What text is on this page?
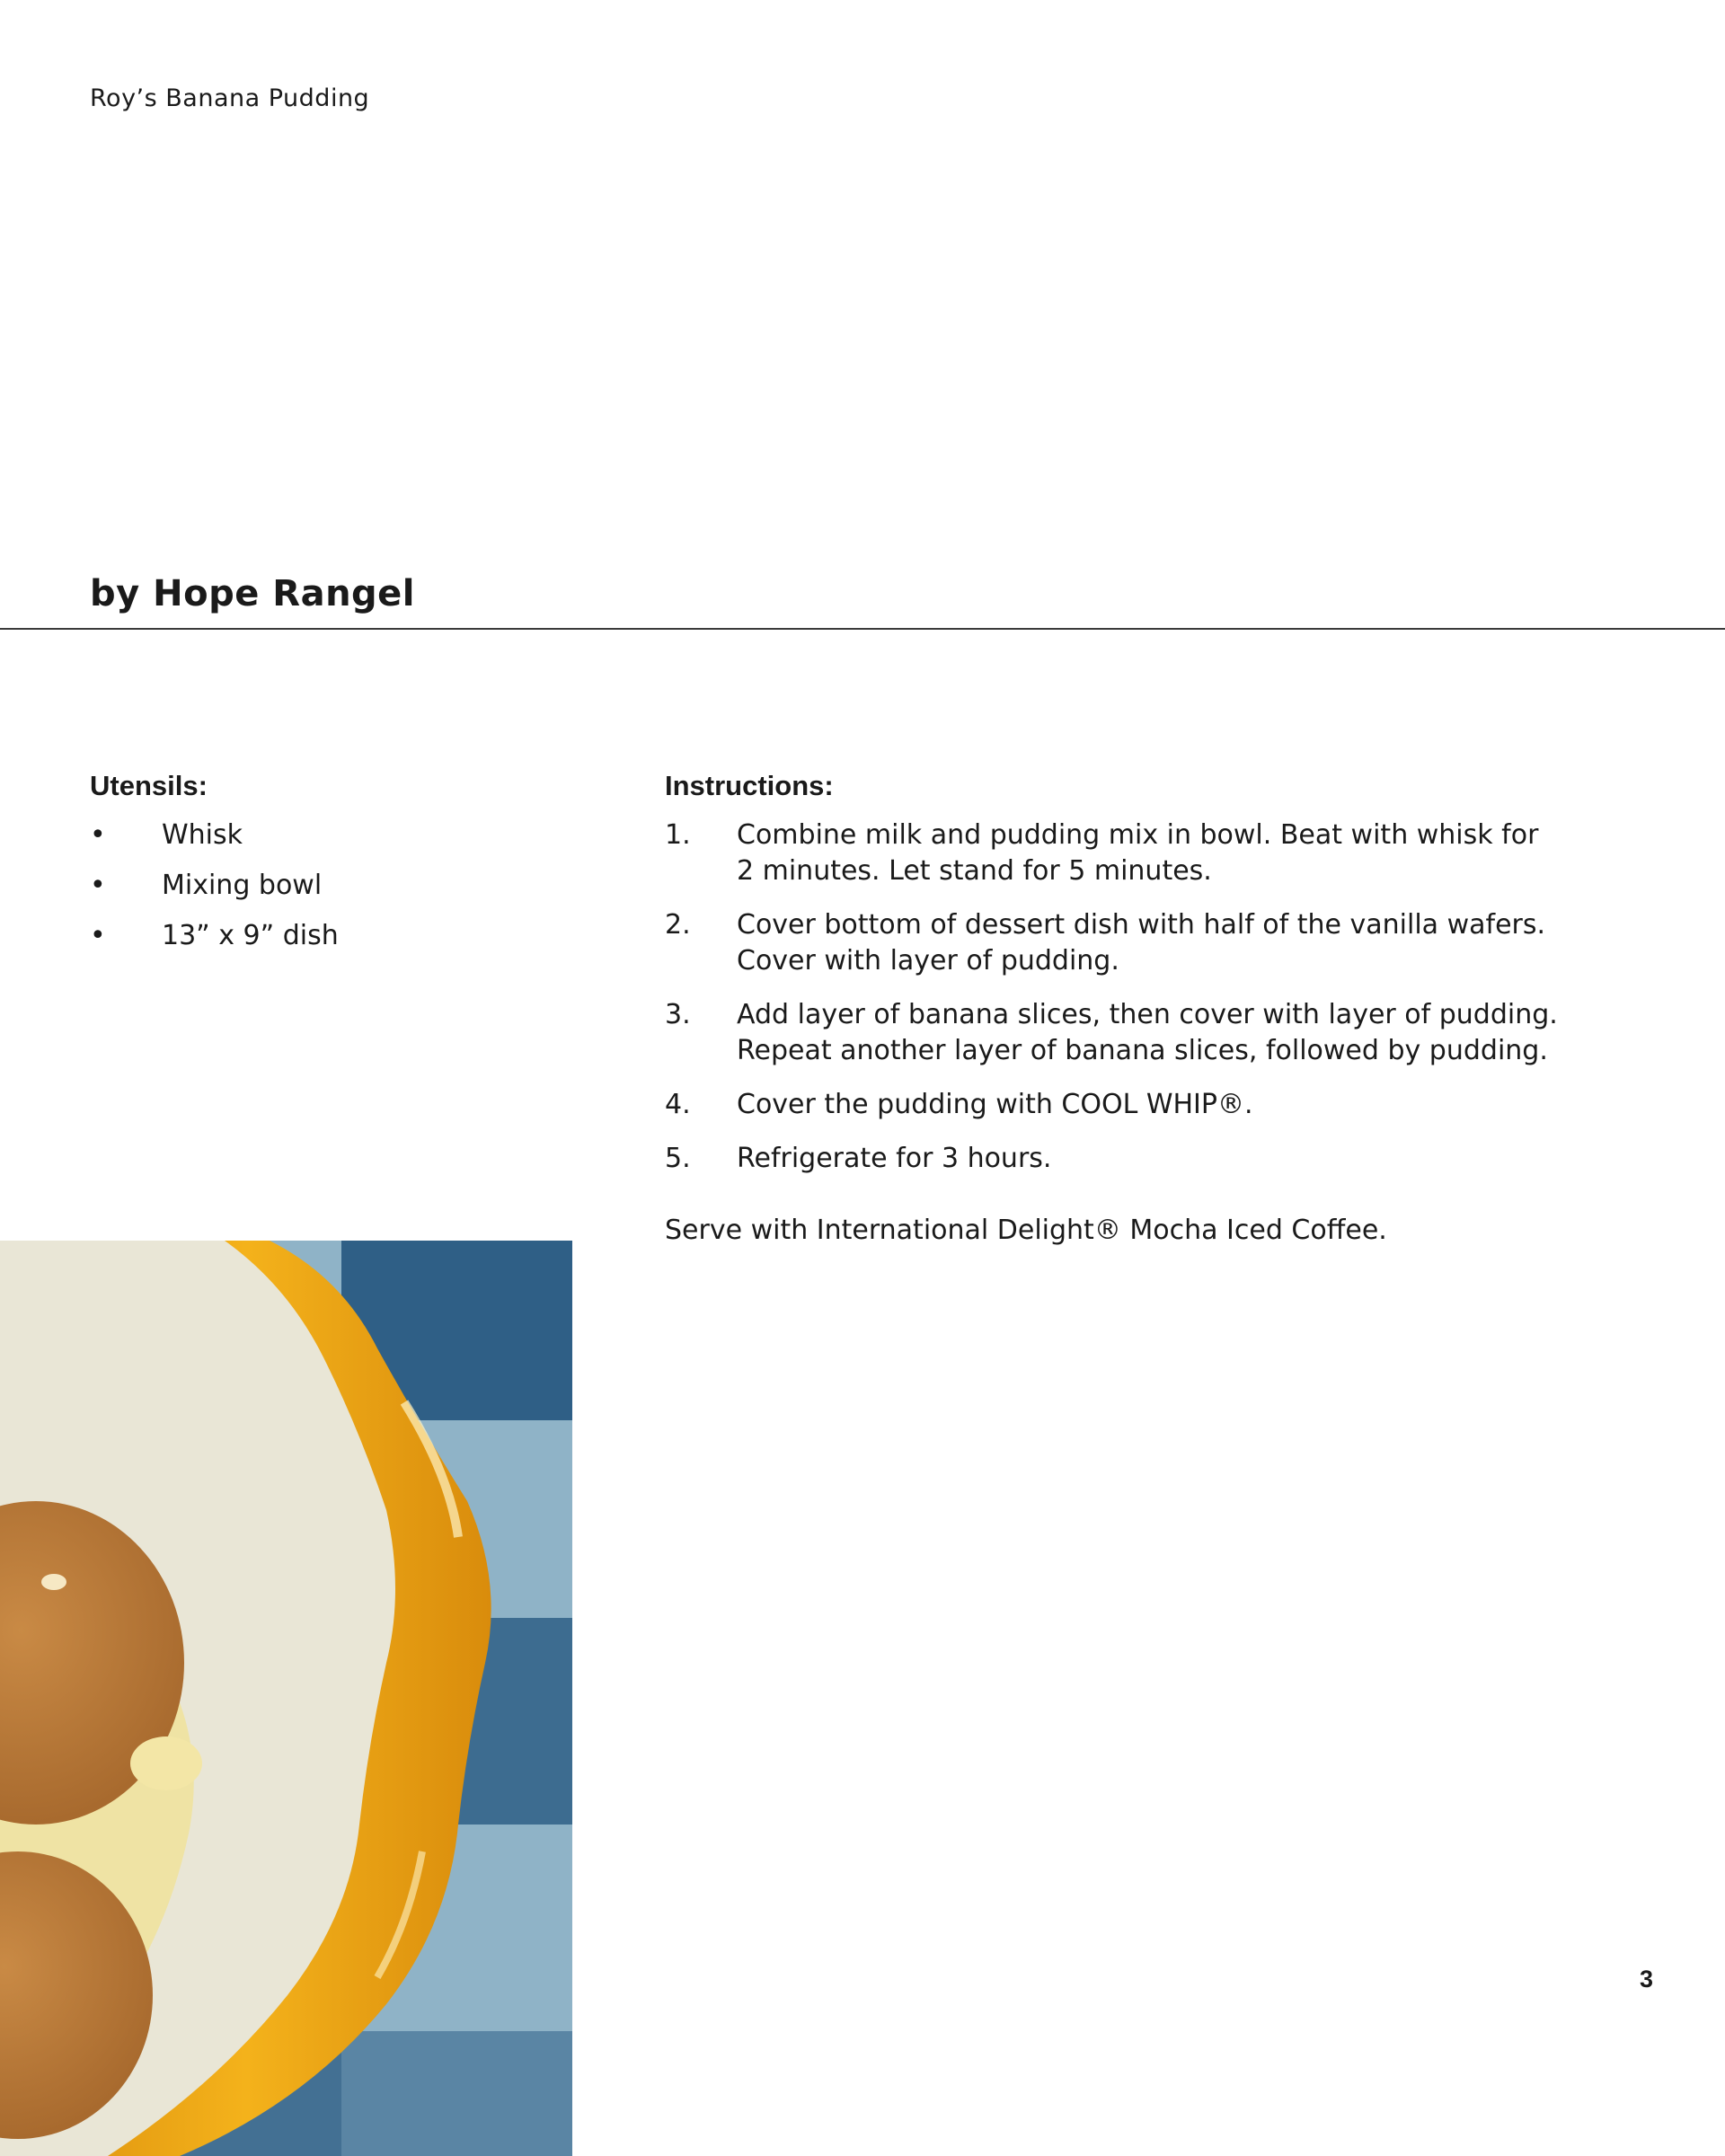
Roy’s Banana Pudding
by Hope Rangel
Utensils:
• Whisk
• Mixing bowl
• 13” x 9” dish
Instructions:
1. Combine milk and pudding mix in bowl. Beat with whisk for 2 minutes. Let stand for 5 minutes.
2. Cover bottom of dessert dish with half of the vanilla wafers. Cover with layer of pudding.
3. Add layer of banana slices, then cover with layer of pudding. Repeat another layer of banana slices, followed by pudding.
4. Cover the pudding with COOL WHIP®.
5. Refrigerate for 3 hours.
Serve with International Delight® Mocha Iced Coffee.
3
